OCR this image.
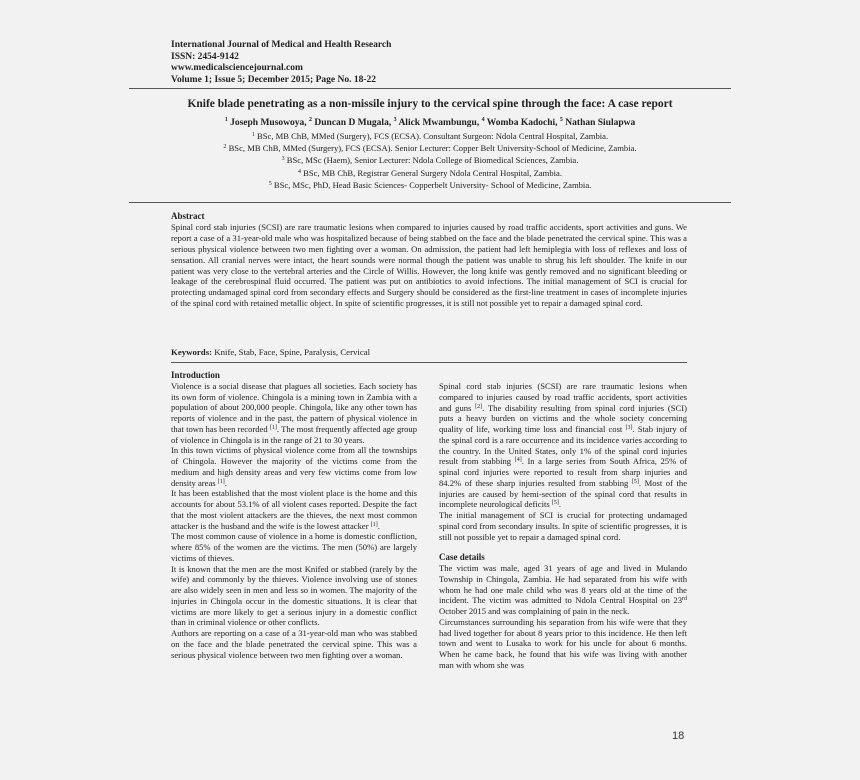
International Journal of Medical and Health Research
ISSN: 2454-9142
www.medicalsciencejournal.com
Volume 1; Issue 5; December 2015; Page No. 18-22
Knife blade penetrating as a non-missile injury to the cervical spine through the face: A case report
$^1$ Joseph Musowoya, $^2$ Duncan D Mugala, $^3$ Alick Mwambungu, $^4$ Womba Kadochi, $^5$ Nathan Siulapwa
$^1$ BSc, MB ChB, MMed (Surgery), FCS (ECSA). Consultant Surgeon: Ndola Central Hospital, Zambia.
$^2$ BSc, MB ChB, MMed (Surgery), FCS (ECSA). Senior Lecturer: Copper Belt University-School of Medicine, Zambia.
$^3$ BSc, MSc (Haem), Senior Lecturer: Ndola College of Biomedical Sciences, Zambia.
$^4$ BSc, MB ChB, Registrar General Surgery Ndola Central Hospital, Zambia.
$^5$ BSc, MSc, PhD, Head Basic Sciences- Copperbelt University- School of Medicine, Zambia.
Abstract
Spinal cord stab injuries (SCSI) are rare traumatic lesions when compared to injuries caused by road traffic accidents, sport activities and guns. We report a case of a 31-year-old male who was hospitalized because of being stabbed on the face and the blade penetrated the cervical spine. This was a serious physical violence between two men fighting over a woman. On admission, the patient had left hemiplegia with loss of reflexes and loss of sensation. All cranial nerves were intact, the heart sounds were normal though the patient was unable to shrug his left shoulder. The knife in our patient was very close to the vertebral arteries and the Circle of Willis. However, the long knife was gently removed and no significant bleeding or leakage of the cerebrospinal fluid occurred. The patient was put on antibiotics to avoid infections. The initial management of SCI is crucial for protecting undamaged spinal cord from secondary effects and Surgery should be considered as the first-line treatment in cases of incomplete injuries of the spinal cord with retained metallic object. In spite of scientific progresses, it is still not possible yet to repair a damaged spinal cord.
Keywords: Knife, Stab, Face, Spine, Paralysis, Cervical
Introduction

Violence is a social disease that plagues all societies. Each society has its own form of violence. Chingola is a mining town in Zambia with a population of about 200,000 people. Chingola, like any other town has reports of violence and in the past, the pattern of physical violence in that town has been recorded [1]. The most frequently affected age group of violence in Chingola is in the range of 21 to 30 years.

In this town victims of physical violence come from all the townships of Chingola. However the majority of the victims come from the medium and high density areas and very few victims come from low density areas [1].

It has been established that the most violent place is the home and this accounts for about 53.1% of all violent cases reported. Despite the fact that the most violent attackers are the thieves, the next most common attacker is the husband and the wife is the lowest attacker [1].

The most common cause of violence in a home is domestic confliction, where 85% of the women are the victims. The men (50%) are largely victims of thieves.

It is known that the men are the most Knifed or stabbed (rarely by the wife) and commonly by the thieves. Violence involving use of stones are also widely seen in men and less so in women. The majority of the injuries in Chingola occur in the domestic situations. It is clear that victims are more likely to get a serious injury in a domestic conflict than in criminal violence or other conflicts.

Authors are reporting on a case of a 31-year-old man who was stabbed on the face and the blade penetrated the cervical spine. This was a serious physical violence between two men fighting over a woman.

Spinal cord stab injuries (SCSI) are rare traumatic lesions when compared to injuries caused by road traffic accidents, sport activities and guns [2]. The disability resulting from spinal cord injuries (SCI) puts a heavy burden on victims and the whole society concerning quality of life, working time loss and financial cost [3]. Stab injury of the spinal cord is a rare occurrence and its incidence varies according to the country. In the United States, only 1% of the spinal cord injuries result from stabbing [4]. In a large series from South Africa, 25% of spinal cord injuries were reported to result from sharp injuries and 84.2% of these sharp injuries resulted from stabbing [5]. Most of the injuries are caused by hemi-section of the spinal cord that results in incomplete neurological deficits [5].

The initial management of SCI is crucial for protecting undamaged spinal cord from secondary insults. In spite of scientific progresses, it is still not possible yet to repair a damaged spinal cord.

Case details

The victim was male, aged 31 years of age and lived in Mulando Township in Chingola, Zambia. He had separated from his wife with whom he had one male child who was 8 years old at the time of the incident. The victim was admitted to Ndola Central Hospital on 23rd October 2015 and was complaining of pain in the neck.

Circumstances surrounding his separation from his wife were that they had lived together for about 8 years prior to this incidence. He then left town and went to Lusaka to work for his uncle for about 6 months. When he came back, he found that his wife was living with another man with whom she was

18
